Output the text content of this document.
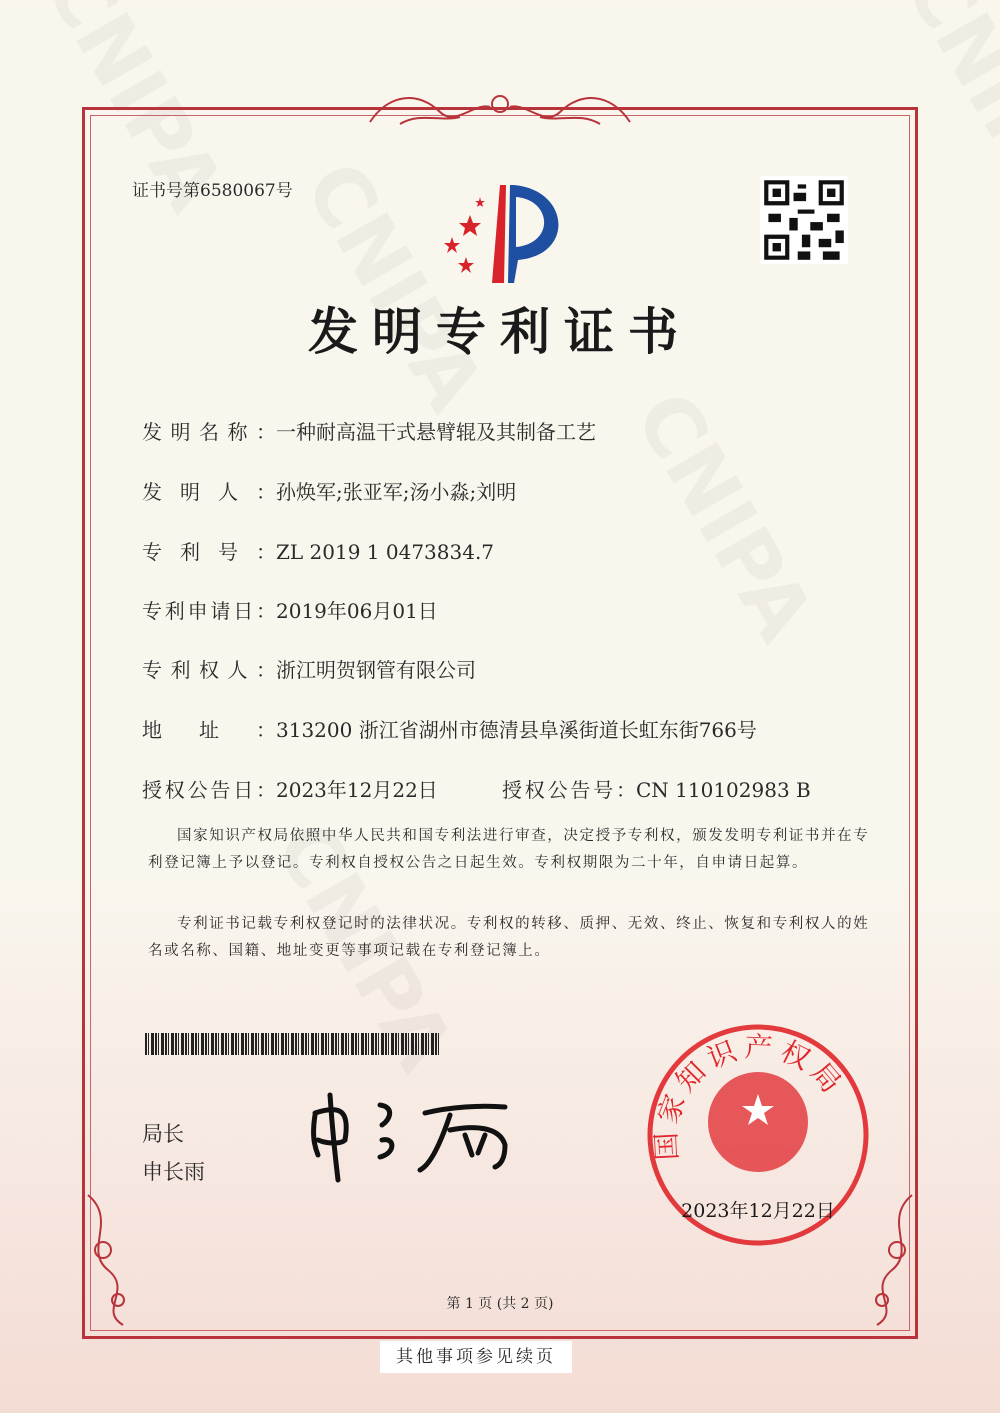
证书号第6580067号
发明专利证书
发明名称：一种耐高温干式悬臂辊及其制备工艺
发明人：孙焕军;张亚军;汤小淼;刘明
专利号：ZL 2019 1 0473834.7
专利申请日：2019年06月01日
专利权人：浙江明贺钢管有限公司
地址：313200 浙江省湖州市德清县阜溪街道长虹东街766号
授权公告日：2023年12月22日	授权公告号：CN 110102983 B
国家知识产权局依照中华人民共和国专利法进行审查，决定授予专利权，颁发发明专利证书并在专利登记簿上予以登记。专利权自授权公告之日起生效。专利权期限为二十年，自申请日起算。
专利证书记载专利权登记时的法律状况。专利权的转移、质押、无效、终止、恢复和专利权人的姓名或名称、国籍、地址变更等事项记载在专利登记簿上。
局长
申长雨
国家知识产权局
2023年12月22日
第 1 页 (共 2 页)
其他事项参见续页
